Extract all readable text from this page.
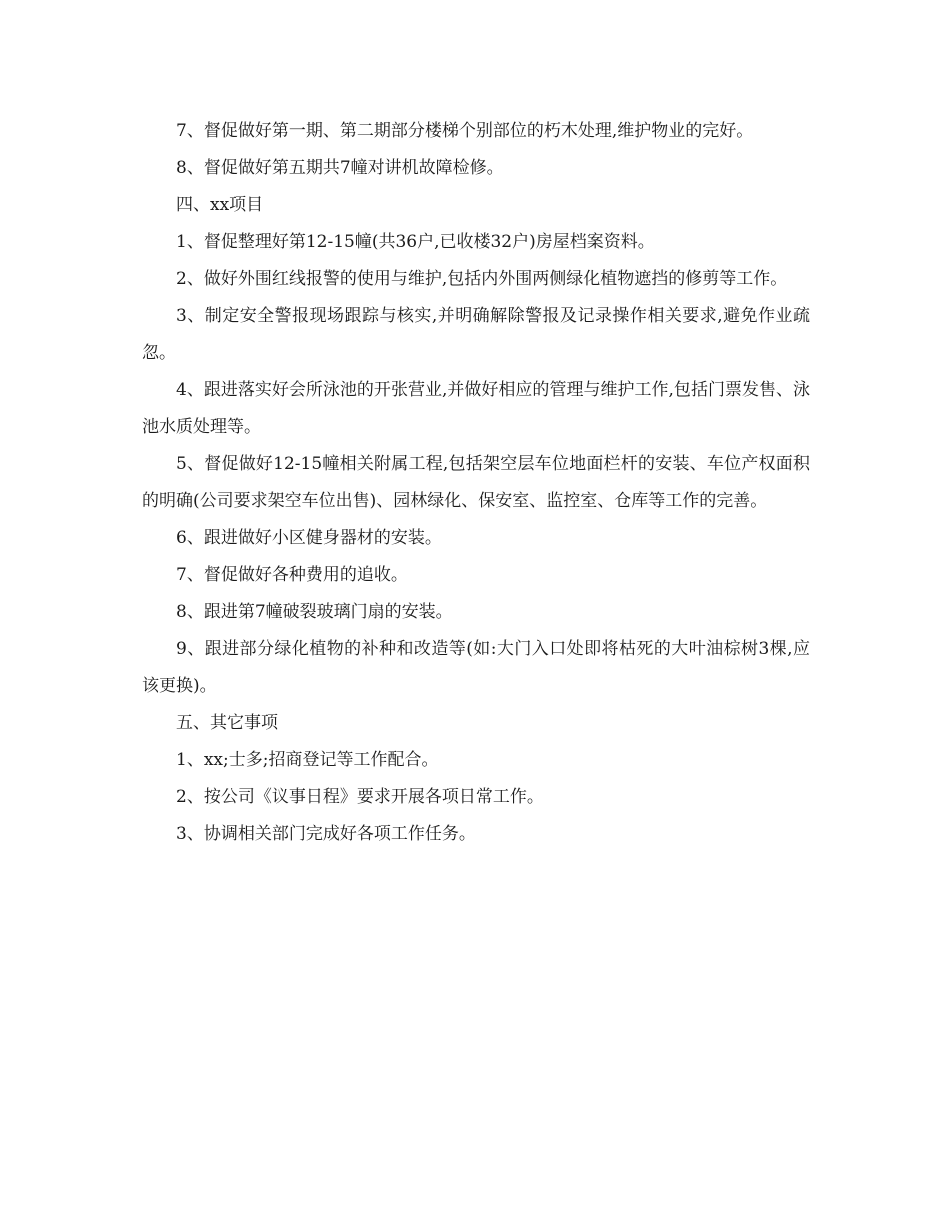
7、督促做好第一期、第二期部分楼梯个别部位的朽木处理,维护物业的完好。

8、督促做好第五期共7幢对讲机故障检修。

四、xx项目

1、督促整理好第12-15幢(共36户,已收楼32户)房屋档案资料。

2、做好外围红线报警的使用与维护,包括内外围两侧绿化植物遮挡的修剪等工作。

3、制定安全警报现场跟踪与核实,并明确解除警报及记录操作相关要求,避免作业疏忽。

4、跟进落实好会所泳池的开张营业,并做好相应的管理与维护工作,包括门票发售、泳池水质处理等。

5、督促做好12-15幢相关附属工程,包括架空层车位地面栏杆的安装、车位产权面积的明确(公司要求架空车位出售)、园林绿化、保安室、监控室、仓库等工作的完善。

6、跟进做好小区健身器材的安装。

7、督促做好各种费用的追收。

8、跟进第7幢破裂玻璃门扇的安装。

9、跟进部分绿化植物的补种和改造等(如:大门入口处即将枯死的大叶油棕树3棵,应该更换)。

五、其它事项

1、xx;士多;招商登记等工作配合。

2、按公司《议事日程》要求开展各项日常工作。

3、协调相关部门完成好各项工作任务。
